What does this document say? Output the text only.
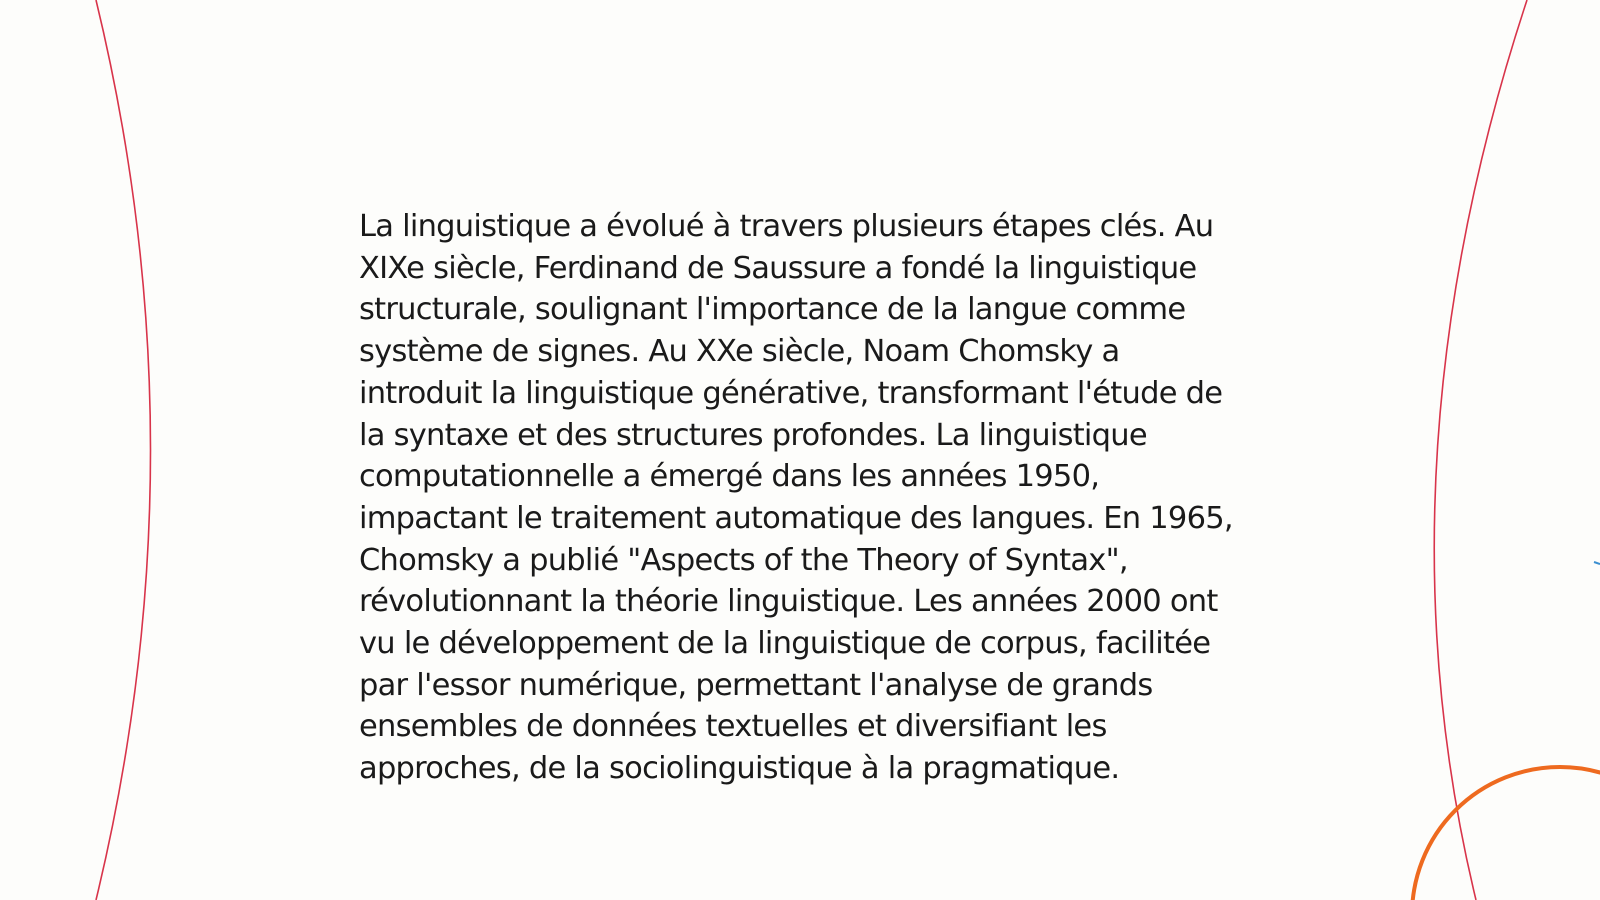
La linguistique a évolué à travers plusieurs étapes clés. Au XIXe siècle, Ferdinand de Saussure a fondé la linguistique structurale, soulignant l'importance de la langue comme système de signes. Au XXe siècle, Noam Chomsky a introduit la linguistique générative, transformant l'étude de la syntaxe et des structures profondes. La linguistique computationnelle a émergé dans les années 1950, impactant le traitement automatique des langues. En 1965, Chomsky a publié "Aspects of the Theory of Syntax", révolutionnant la théorie linguistique. Les années 2000 ont vu le développement de la linguistique de corpus, facilitée par l'essor numérique, permettant l'analyse de grands ensembles de données textuelles et diversifiant les approches, de la sociolinguistique à la pragmatique.
